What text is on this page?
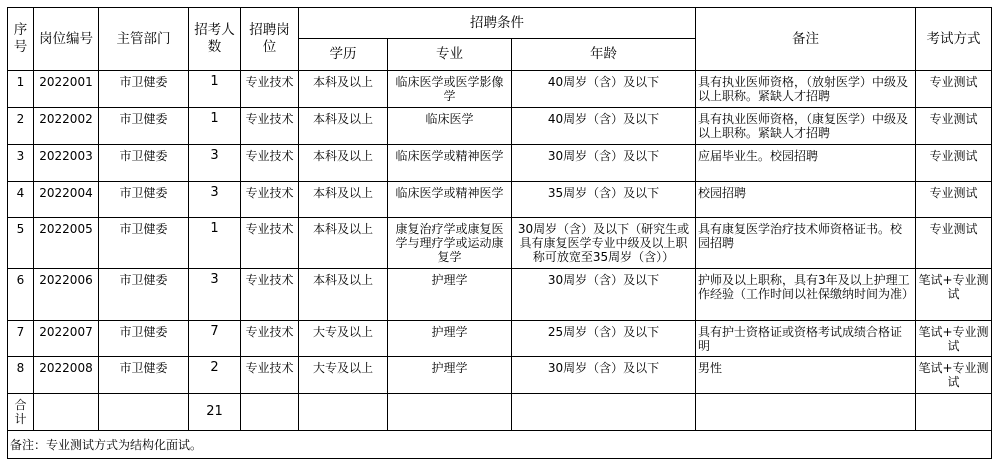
序号	岗位编号	主管部门	招考人数	招聘岗位	招聘条件			备注	考试方式
					学历	专业	年龄		
1	2022001	市卫健委	1	专业技术	本科及以上	临床医学或医学影像学	40周岁（含）及以下	具有执业医师资格，（放射医学）中级及以上职称。紧缺人才招聘	专业测试
2	2022002	市卫健委	1	专业技术	本科及以上	临床医学	40周岁（含）及以下	具有执业医师资格，（康复医学）中级及以上职称。紧缺人才招聘	专业测试
3	2022003	市卫健委	3	专业技术	本科及以上	临床医学或精神医学	30周岁（含）及以下	应届毕业生。校园招聘	专业测试
4	2022004	市卫健委	3	专业技术	本科及以上	临床医学或精神医学	35周岁（含）及以下	校园招聘	专业测试
5	2022005	市卫健委	1	专业技术	本科及以上	康复治疗学或康复医学与理疗学或运动康复学	30周岁（含）及以下（研究生或具有康复医学专业中级及以上职称可放宽至35周岁（含））	具有康复医学治疗技术师资格证书。校园招聘	专业测试
6	2022006	市卫健委	3	专业技术	本科及以上	护理学	30周岁（含）及以下	护师及以上职称，具有3年及以上护理工作经验（工作时间以社保缴纳时间为准）	笔试+专业测试
7	2022007	市卫健委	7	专业技术	大专及以上	护理学	25周岁（含）及以下	具有护士资格证或资格考试成绩合格证明	笔试+专业测试
8	2022008	市卫健委	2	专业技术	大专及以上	护理学	30周岁（含）及以下	男性	笔试+专业测试
合计			21						
备注：专业测试方式为结构化面试。									
